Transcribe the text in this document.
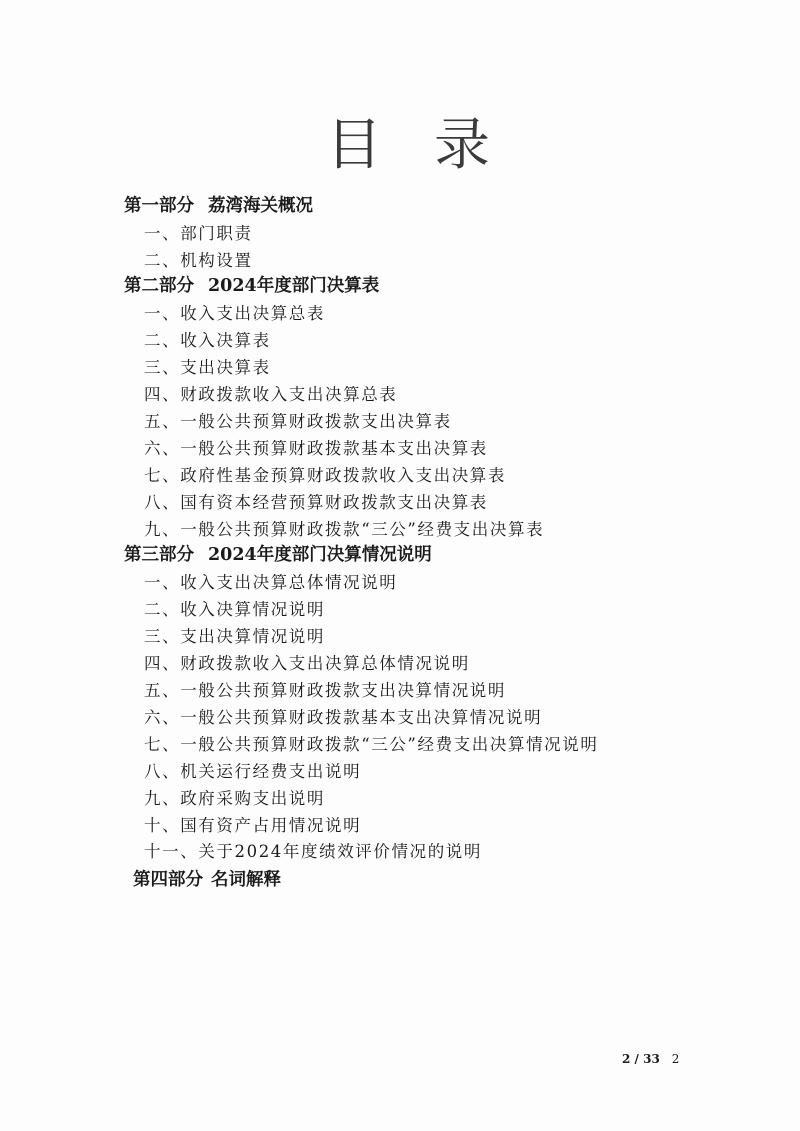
目录
第一部分 荔湾海关概况
一、部门职责
二、机构设置
第二部分 2024年度部门决算表
一、收入支出决算总表
二、收入决算表
三、支出决算表
四、财政拨款收入支出决算总表
五、一般公共预算财政拨款支出决算表
六、一般公共预算财政拨款基本支出决算表
七、政府性基金预算财政拨款收入支出决算表
八、国有资本经营预算财政拨款支出决算表
九、一般公共预算财政拨款“三公”经费支出决算表
第三部分 2024年度部门决算情况说明
一、收入支出决算总体情况说明
二、收入决算情况说明
三、支出决算情况说明
四、财政拨款收入支出决算总体情况说明
五、一般公共预算财政拨款支出决算情况说明
六、一般公共预算财政拨款基本支出决算情况说明
七、一般公共预算财政拨款“三公”经费支出决算情况说明
八、机关运行经费支出说明
九、政府采购支出说明
十、国有资产占用情况说明
十一、关于2024年度绩效评价情况的说明
第四部分 名词解释
2 / 33 2
